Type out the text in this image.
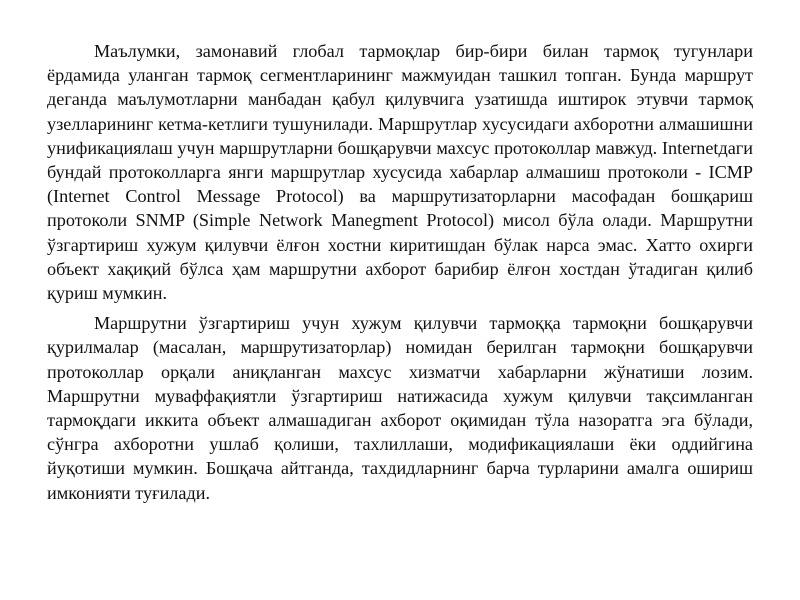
Маълумки, замонавий глобал тармоқлар бир-бири билан тармоқ тугунлари ёрдамида уланган тармоқ сегментларининг мажмуидан ташкил топган. Бунда маршрут деганда маълумотларни манбадан қабул қилувчига узатишда иштирок этувчи тармоқ узелларининг кетма-кетлиги тушунилади. Маршрутлар хусусидаги ахборотни алмашишни унификациялаш учун маршрутларни бошқарувчи махсус протоколлар мавжуд. Internetдаги бундай протоколларга янги маршрутлар хусусида хабарлар алмашиш протоколи - ICMP (Internet Control Message Protocol) ва маршрутизаторларни масофадан бошқариш протоколи SNMP (Simple Network Manegment Protocol) мисол бўла олади. Маршрутни ўзгартириш хужум қилувчи ёлғон хостни киритишдан бўлак нарса эмас. Хатто охирги объект хақиқий бўлса ҳам маршрутни ахборот барибир ёлғон хостдан ўтадиган қилиб қуриш мумкин.

Маршрутни ўзгартириш учун хужум қилувчи тармоққа тармоқни бошқарувчи қурилмалар (масалан, маршрутизаторлар) номидан берилган тармоқни бошқарувчи протоколлар орқали аниқланган махсус хизматчи хабарларни жўнатиши лозим. Маршрутни муваффақиятли ўзгартириш натижасида хужум қилувчи тақсимланган тармоқдаги иккита объект алмашадиган ахборот оқимидан тўла назоратга эга бўлади, сўнгра ахборотни ушлаб қолиши, тахлиллаши, модификациялаши ёки оддийгина йуқотиши мумкин. Бошқача айтганда, тахдидларнинг барча турларини амалга ошириш имконияти туғилади.
